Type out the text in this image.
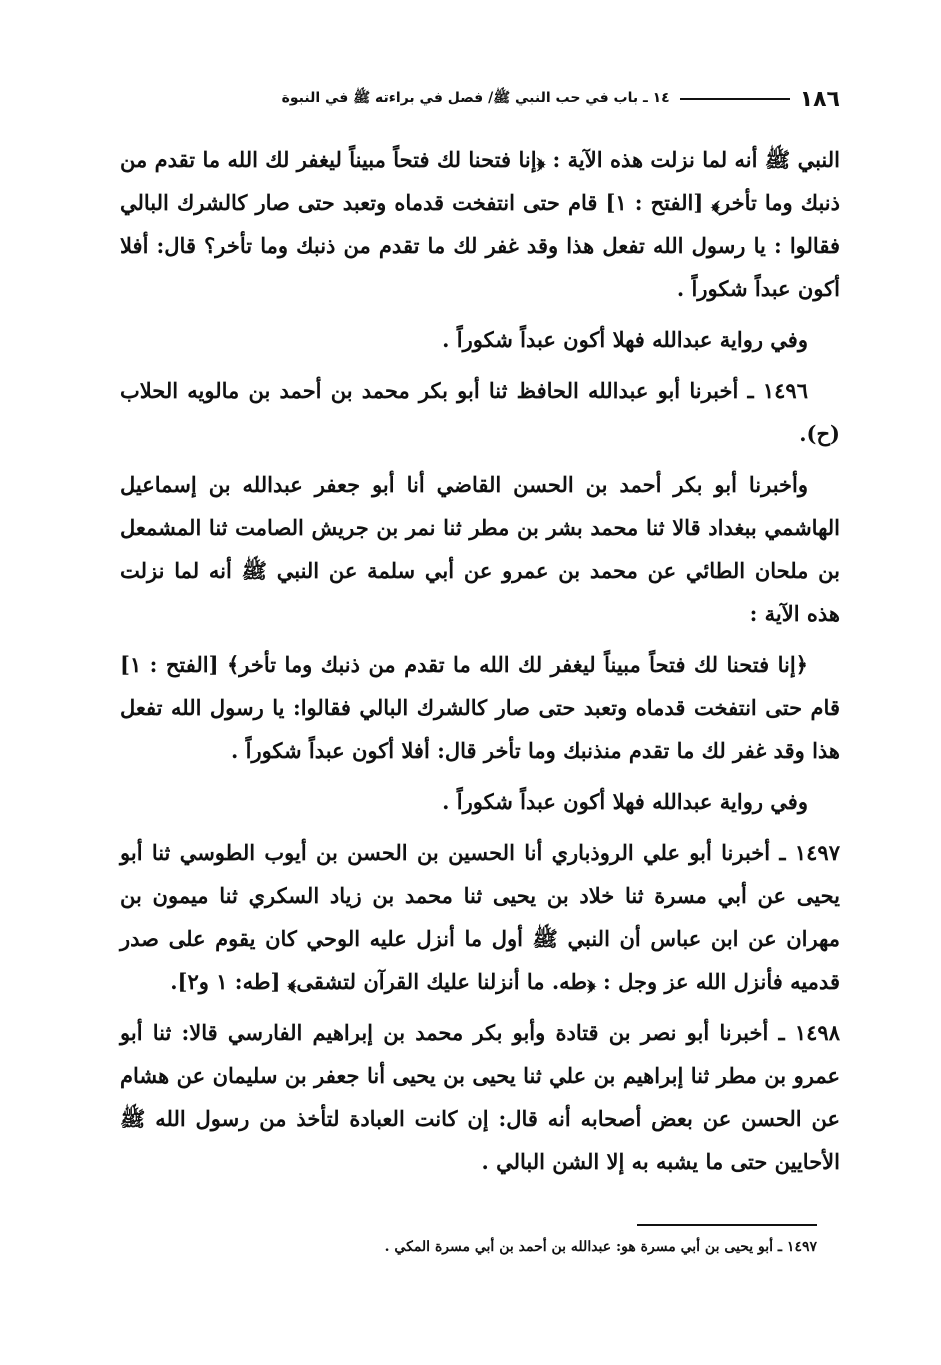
١٨٦
١٤ ـ باب في حب النبي ﷺ/ فصل في براءته ﷺ في النبوة

النبي ﷺ أنه لما نزلت هذه الآية : ﴿إنا فتحنا لك فتحاً مبيناً ليغفر لك الله ما تقدم من ذنبك وما تأخر﴾ [الفتح : ١] قام حتى انتفخت قدماه وتعبد حتى صار كالشرك البالي فقالوا : يا رسول الله تفعل هذا وقد غفر لك ما تقدم من ذنبك وما تأخر؟ قال: أفلا أكون عبداً شكوراً .

وفي رواية عبدالله فهلا أكون عبداً شكوراً .

١٤٩٦ ـ أخبرنا أبو عبدالله الحافظ ثنا أبو بكر محمد بن أحمد بن مالويه الحلاب (ح).

وأخبرنا أبو بكر أحمد بن الحسن القاضي أنا أبو جعفر عبدالله بن إسماعيل الهاشمي ببغداد قالا ثنا محمد بشر بن مطر ثنا نمر بن جريش الصامت ثنا المشمعل بن ملحان الطائي عن محمد بن عمرو عن أبي سلمة عن النبي ﷺ أنه لما نزلت هذه الآية :

﴿إنا فتحنا لك فتحاً مبيناً ليغفر لك الله ما تقدم من ذنبك وما تأخر﴾ [الفتح : ١] قام حتى انتفخت قدماه وتعبد حتى صار كالشرك البالي فقالوا: يا رسول الله تفعل هذا وقد غفر لك ما تقدم منذنبك وما تأخر قال: أفلا أكون عبداً شكوراً .

وفي رواية عبدالله فهلا أكون عبداً شكوراً .

١٤٩٧ ـ أخبرنا أبو علي الروذباري أنا الحسين بن الحسن بن أيوب الطوسي ثنا أبو يحيى عن أبي مسرة ثنا خلاد بن يحيى ثنا محمد بن زياد السكري ثنا ميمون بن مهران عن ابن عباس أن النبي ﷺ أول ما أنزل عليه الوحي كان يقوم على صدر قدميه فأنزل الله عز وجل : ﴿طه. ما أنزلنا عليك القرآن لتشقى﴾ [طه: ١ و٢].

١٤٩٨ ـ أخبرنا أبو نصر بن قتادة وأبو بكر محمد بن إبراهيم الفارسي قالا: ثنا أبو عمرو بن مطر ثنا إبراهيم بن علي ثنا يحيى بن يحيى أنا جعفر بن سليمان عن هشام عن الحسن عن بعض أصحابه أنه قال: إن كانت العبادة لتأخذ من رسول الله ﷺ الأحايين حتى ما يشبه به إلا الشن البالي .

١٤٩٧ ـ أبو يحيى بن أبي مسرة هو: عبدالله بن أحمد بن أبي مسرة المكي .
